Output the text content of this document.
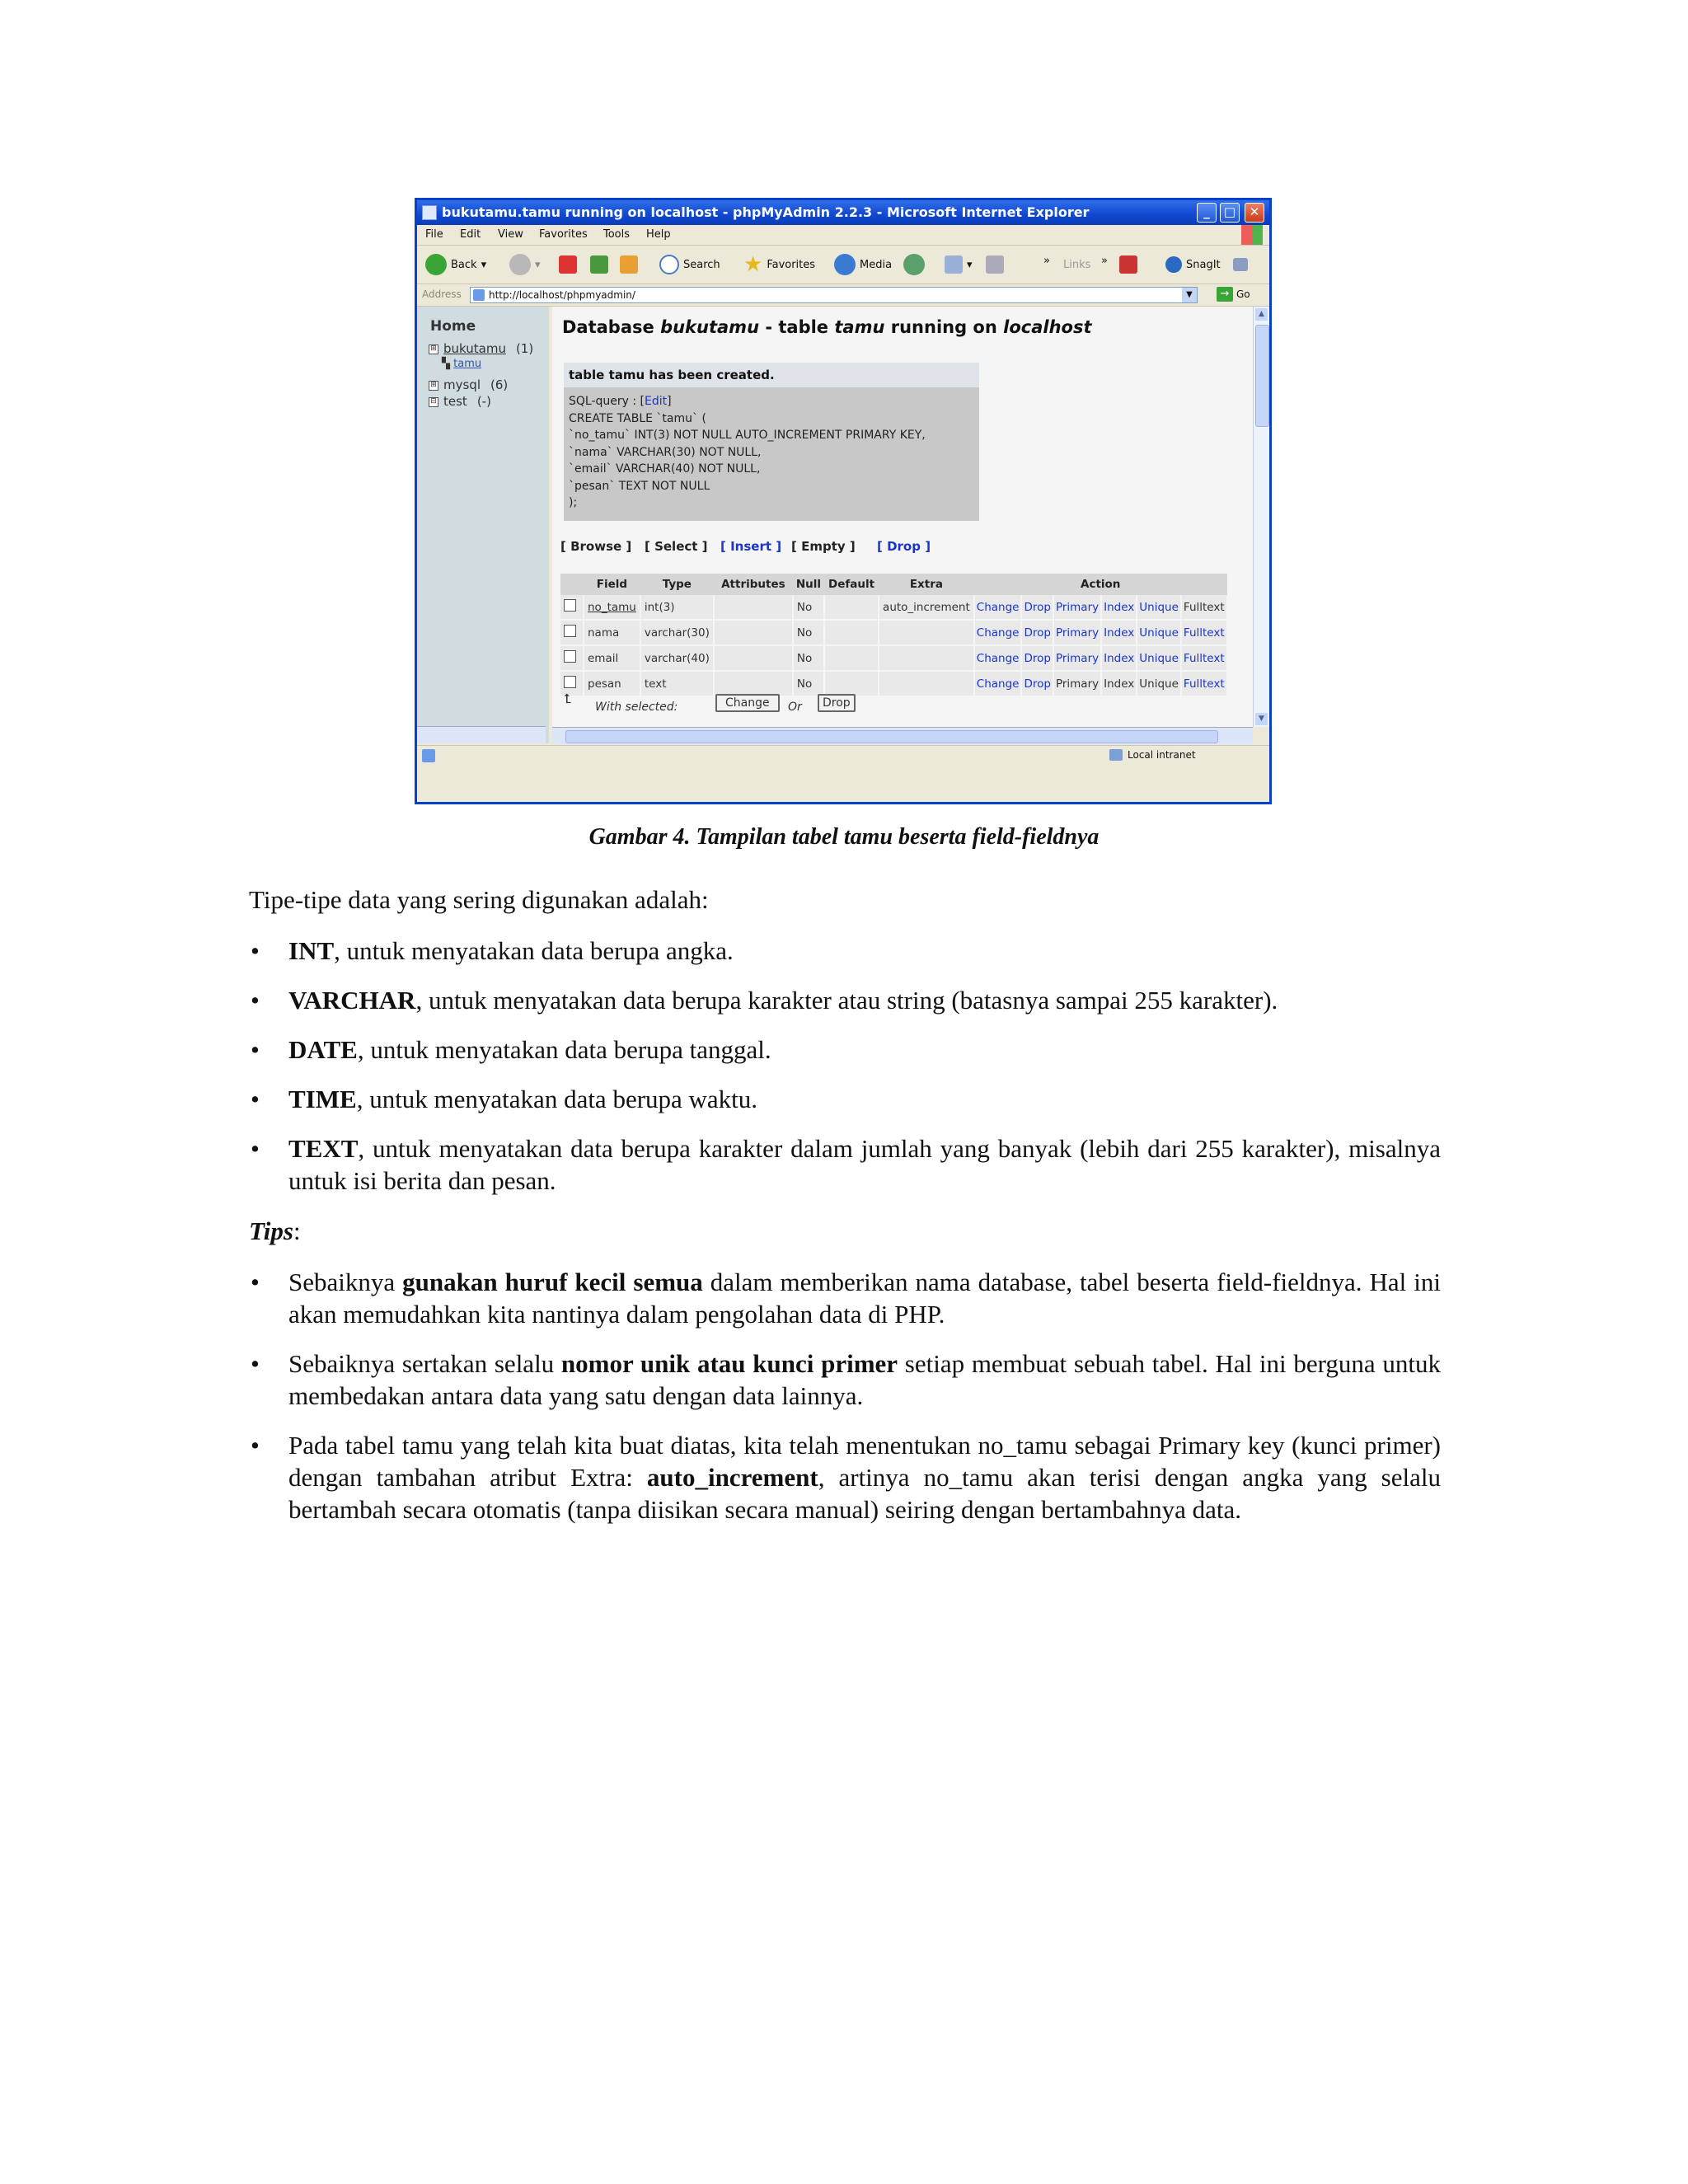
bukutamu.tamu running on localhost - phpMyAdmin 2.2.3 - Microsoft Internet Explorer	_	□	✕
File Edit View Favorites Tools Help
Back ▾	▾	Search ★ Favorites	Media	▾	» Links »	SnagIt
Address	http://localhost/phpmyadmin/	▼	→ Go
Home
⊞ bukutamu (1)
▚ tamu
⊞ mysql (6)
⊟ test (-)
Database bukutamu - table tamu running on localhost
table tamu has been created.
SQL-query : [Edit]
CREATE TABLE `tamu` (
`no_tamu` INT(3) NOT NULL AUTO_INCREMENT PRIMARY KEY,
`nama` VARCHAR(30) NOT NULL,
`email` VARCHAR(40) NOT NULL,
`pesan` TEXT NOT NULL
);
[ Browse ] [ Select ] [ Insert ] [ Empty ] [ Drop ]
	Field	Type	Attributes	Null	Default	Extra	Action					
	no_tamu	int(3)		No		auto_increment	Change	Drop	Primary	Index	Unique	Fulltext
	nama	varchar(30)		No			Change	Drop	Primary	Index	Unique	Fulltext
	email	varchar(40)		No			Change	Drop	Primary	Index	Unique	Fulltext
	pesan	text		No			Change	Drop	Primary	Index	Unique	Fulltext
⮤
With selected:	Change	Or	Drop
▲
▼
Local intranet
Gambar 4. Tampilan tabel tamu beserta field-fieldnya
Tipe-tipe data yang sering digunakan adalah:
• INT, untuk menyatakan data berupa angka.
• VARCHAR, untuk menyatakan data berupa karakter atau string (batasnya sampai 255 karakter).
• DATE, untuk menyatakan data berupa tanggal.
• TIME, untuk menyatakan data berupa waktu.
• TEXT, untuk menyatakan data berupa karakter dalam jumlah yang banyak (lebih dari 255 karakter), misalnya untuk isi berita dan pesan.
Tips:
• Sebaiknya gunakan huruf kecil semua dalam memberikan nama database, tabel beserta field-fieldnya. Hal ini akan memudahkan kita nantinya dalam pengolahan data di PHP.
• Sebaiknya sertakan selalu nomor unik atau kunci primer setiap membuat sebuah tabel. Hal ini berguna untuk membedakan antara data yang satu dengan data lainnya.
• Pada tabel tamu yang telah kita buat diatas, kita telah menentukan no_tamu sebagai Primary key (kunci primer) dengan tambahan atribut Extra: auto_increment, artinya no_tamu akan terisi dengan angka yang selalu bertambah secara otomatis (tanpa diisikan secara manual) seiring dengan bertambahnya data.
